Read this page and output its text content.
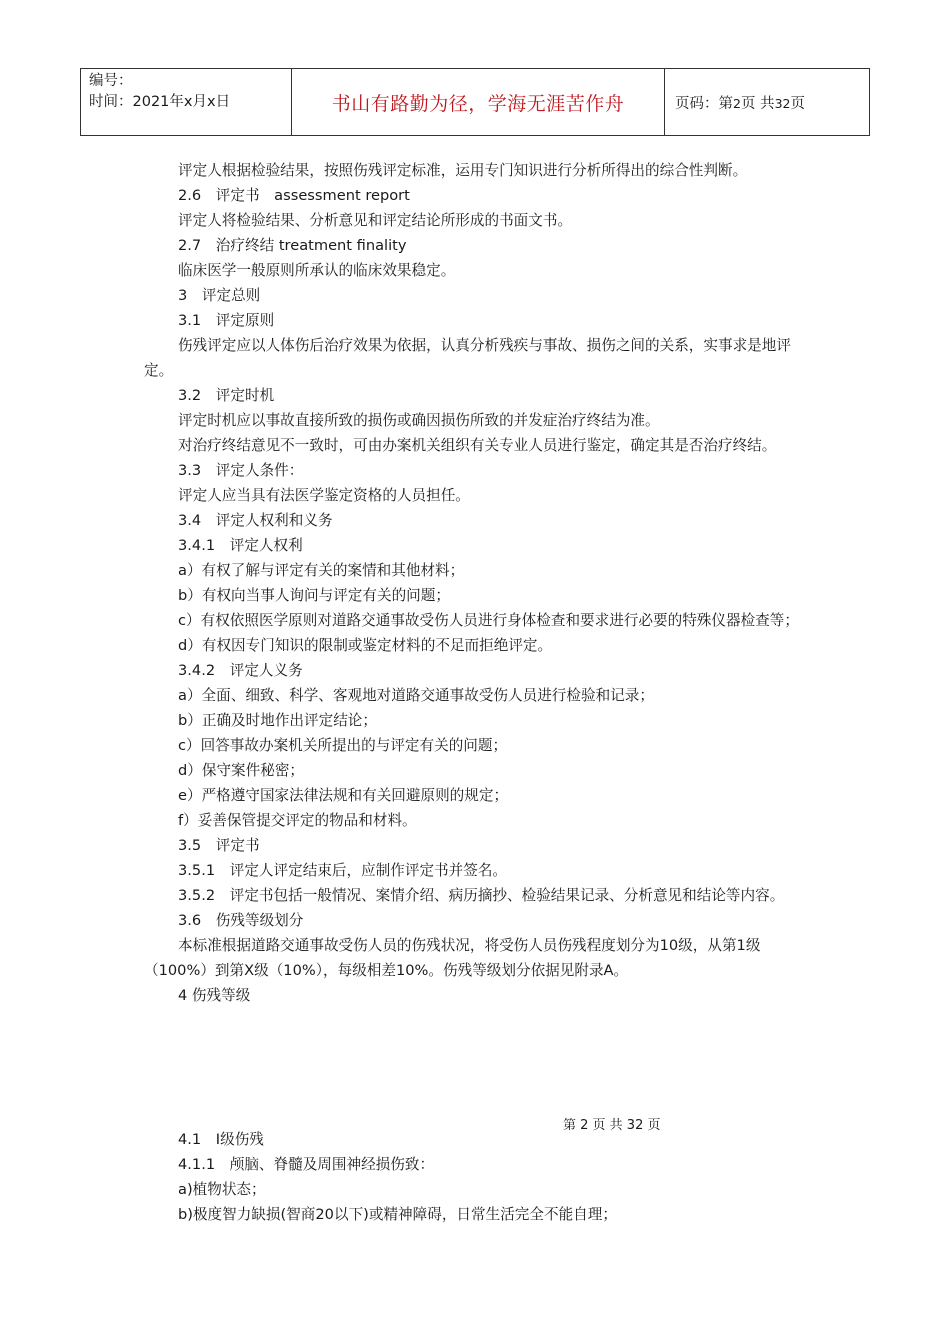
编号：
时间：2021年x月x日	书山有路勤为径，学海无涯苦作舟	页码：第2页 共32页

评定人根据检验结果，按照伤残评定标准，运用专门知识进行分析所得出的综合性判断。

2.6　评定书　assessment report

评定人将检验结果、分析意见和评定结论所形成的书面文书。

2.7　治疗终结 treatment finality

临床医学一般原则所承认的临床效果稳定。

3　评定总则

3.1　评定原则

伤残评定应以人体伤后治疗效果为依据，认真分析残疾与事故、损伤之间的关系，实事求是地评定。

3.2　评定时机

评定时机应以事故直接所致的损伤或确因损伤所致的并发症治疗终结为准。

对治疗终结意见不一致时，可由办案机关组织有关专业人员进行鉴定，确定其是否治疗终结。

3.3　评定人条件：

评定人应当具有法医学鉴定资格的人员担任。

3.4　评定人权利和义务

3.4.1　评定人权利

a）有权了解与评定有关的案情和其他材料；

b）有权向当事人询问与评定有关的问题；

c）有权依照医学原则对道路交通事故受伤人员进行身体检查和要求进行必要的特殊仪器检查等；

d）有权因专门知识的限制或鉴定材料的不足而拒绝评定。

3.4.2　评定人义务

a）全面、细致、科学、客观地对道路交通事故受伤人员进行检验和记录；

b）正确及时地作出评定结论；

c）回答事故办案机关所提出的与评定有关的问题；

d）保守案件秘密；

e）严格遵守国家法律法规和有关回避原则的规定；

f）妥善保管提交评定的物品和材料。

3.5　评定书

3.5.1　评定人评定结束后，应制作评定书并签名。

3.5.2　评定书包括一般情况、案情介绍、病历摘抄、检验结果记录、分析意见和结论等内容。

3.6　伤残等级划分

本标准根据道路交通事故受伤人员的伤残状况，将受伤人员伤残程度划分为10级，从第1级（100%）到第X级（10%），每级相差10%。伤残等级划分依据见附录A。

4 伤残等级

第 2 页 共 32 页

4.1　Ⅰ级伤残

4.1.1　颅脑、脊髓及周围神经损伤致：

a)植物状态；

b)极度智力缺损(智商20以下)或精神障碍，日常生活完全不能自理；
